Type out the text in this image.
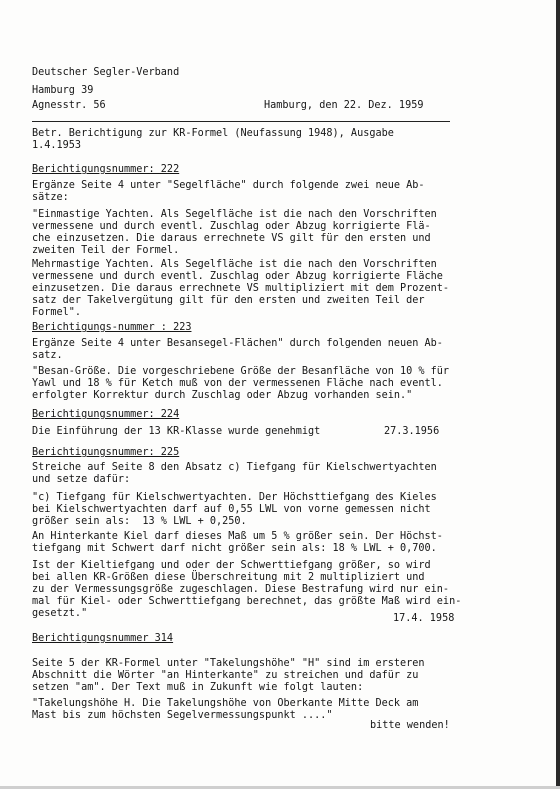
Deutscher Segler-Verband
Hamburg 39
Agnesstr. 56	Hamburg, den 22. Dez. 1959
Betr. Berichtigung zur KR-Formel (Neufassung 1948), Ausgabe
1.4.1953
Berichtigungsnummer: 222
Ergänze Seite 4 unter "Segelfläche" durch folgende zwei neue Ab-
sätze:
"Einmastige Yachten. Als Segelfläche ist die nach den Vorschriften
vermessene und durch eventl. Zuschlag oder Abzug korrigierte Flä-
che einzusetzen. Die daraus errechnete VS gilt für den ersten und
zweiten Teil der Formel.
Mehrmastige Yachten. Als Segelfläche ist die nach den Vorschriften
vermessene und durch eventl. Zuschlag oder Abzug korrigierte Fläche
einzusetzen. Die daraus errechnete VS multipliziert mit dem Prozent-
satz der Takelvergütung gilt für den ersten und zweiten Teil der
Formel".
Berichtigungs-nummer : 223
Ergänze Seite 4 unter Besansegel-Flächen" durch folgenden neuen Ab-
satz.
"Besan-Größe. Die vorgeschriebene Größe der Besanfläche von 10 % für
Yawl und 18 % für Ketch muß von der vermessenen Fläche nach eventl.
erfolgter Korrektur durch Zuschlag oder Abzug vorhanden sein."
Berichtigungsnummer: 224
Die Einführung der 13 KR-Klasse wurde genehmigt	27.3.1956
Berichtigungsnummer: 225
Streiche auf Seite 8 den Absatz c) Tiefgang für Kielschwertyachten
und setze dafür:
"c) Tiefgang für Kielschwertyachten. Der Höchsttiefgang des Kieles
bei Kielschwertyachten darf auf 0,55 LWL von vorne gemessen nicht
größer sein als:  13 % LWL + 0,250.
An Hinterkante Kiel darf dieses Maß um 5 % größer sein. Der Höchst-
tiefgang mit Schwert darf nicht größer sein als: 18 % LWL + 0,700.
Ist der Kieltiefgang und oder der Schwerttiefgang größer, so wird
bei allen KR-Größen diese Überschreitung mit 2 multipliziert und
zu der Vermessungsgröße zugeschlagen. Diese Bestrafung wird nur ein-
mal für Kiel- oder Schwerttiefgang berechnet, das größte Maß wird ein-
gesetzt."	17.4. 1958
Berichtigungsnummer 314
Seite 5 der KR-Formel unter "Takelungshöhe" "H" sind im ersteren
Abschnitt die Wörter "an Hinterkante" zu streichen und dafür zu
setzen "am". Der Text muß in Zukunft wie folgt lauten:
"Takelungshöhe H. Die Takelungshöhe von Oberkante Mitte Deck am
Mast bis zum höchsten Segelvermessungspunkt ...."
bitte wenden!
